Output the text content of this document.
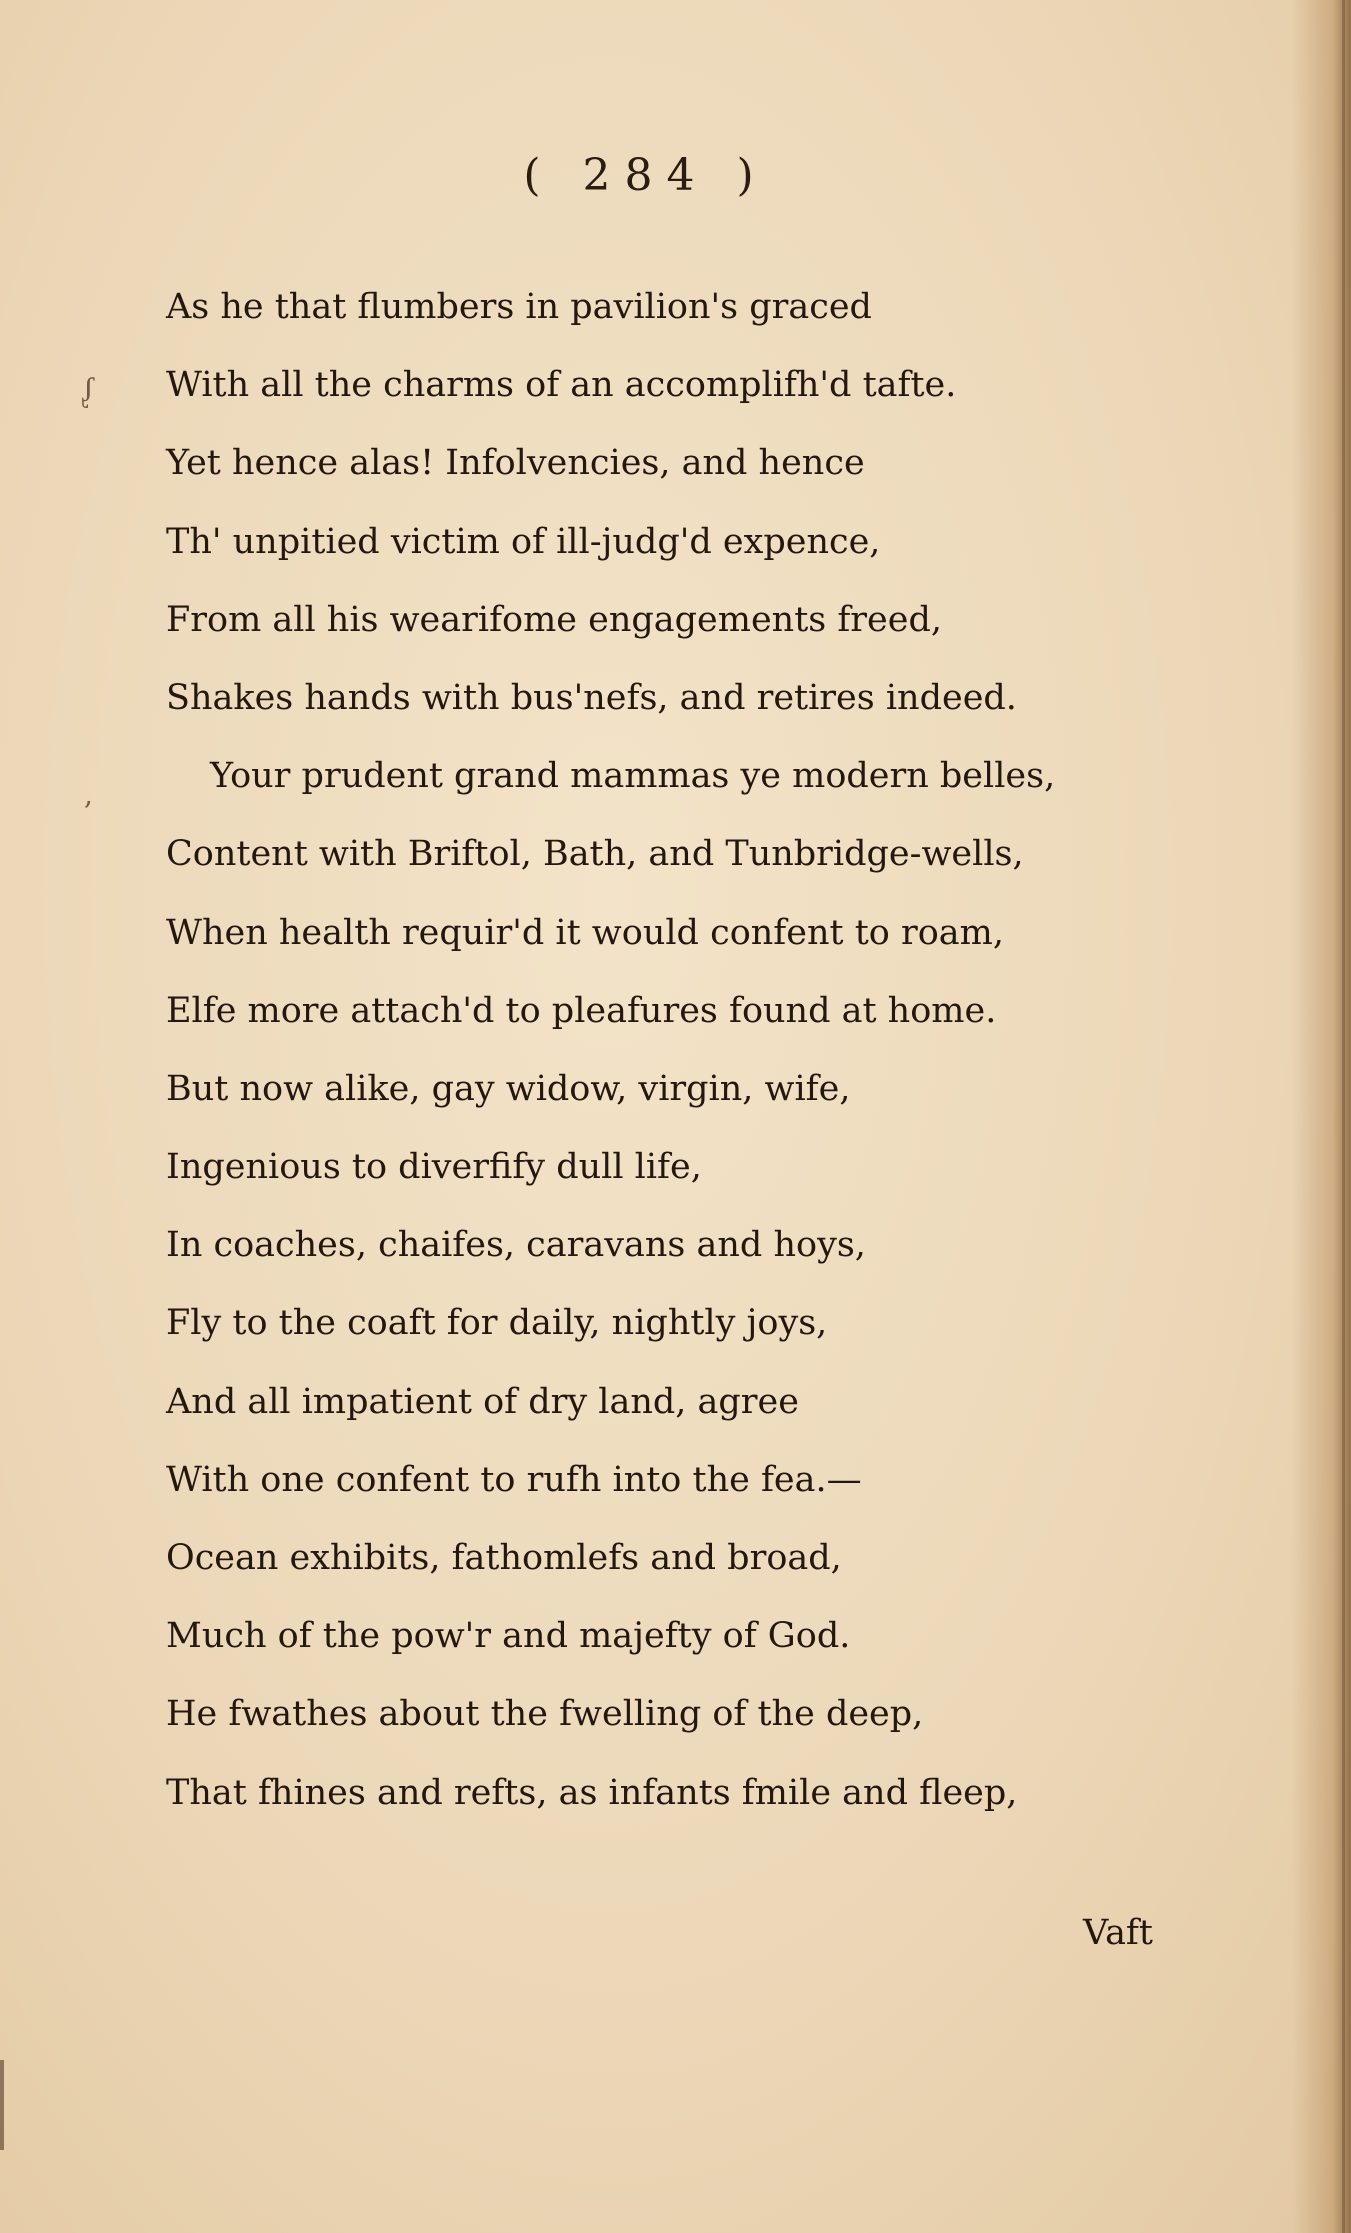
ᶘ
,
( 284 )
As he that flumbers in pavilion's graced
With all the charms of an accomplifh'd tafte.
Yet hence alas! Infolvencies, and hence
Th' unpitied victim of ill-judg'd expence,
From all his wearifome engagements freed,
Shakes hands with bus'nefs, and retires indeed.
Your prudent grand mammas ye modern belles,
Content with Briftol, Bath, and Tunbridge-wells,
When health requir'd it would confent to roam,
Elfe more attach'd to pleafures found at home.
But now alike, gay widow, virgin, wife,
Ingenious to diverfify dull life,
In coaches, chaifes, caravans and hoys,
Fly to the coaft for daily, nightly joys,
And all impatient of dry land, agree
With one confent to rufh into the fea.—
Ocean exhibits, fathomlefs and broad,
Much of the pow'r and majefty of God.
He fwathes about the fwelling of the deep,
That fhines and refts, as infants fmile and fleep,
Vaft
